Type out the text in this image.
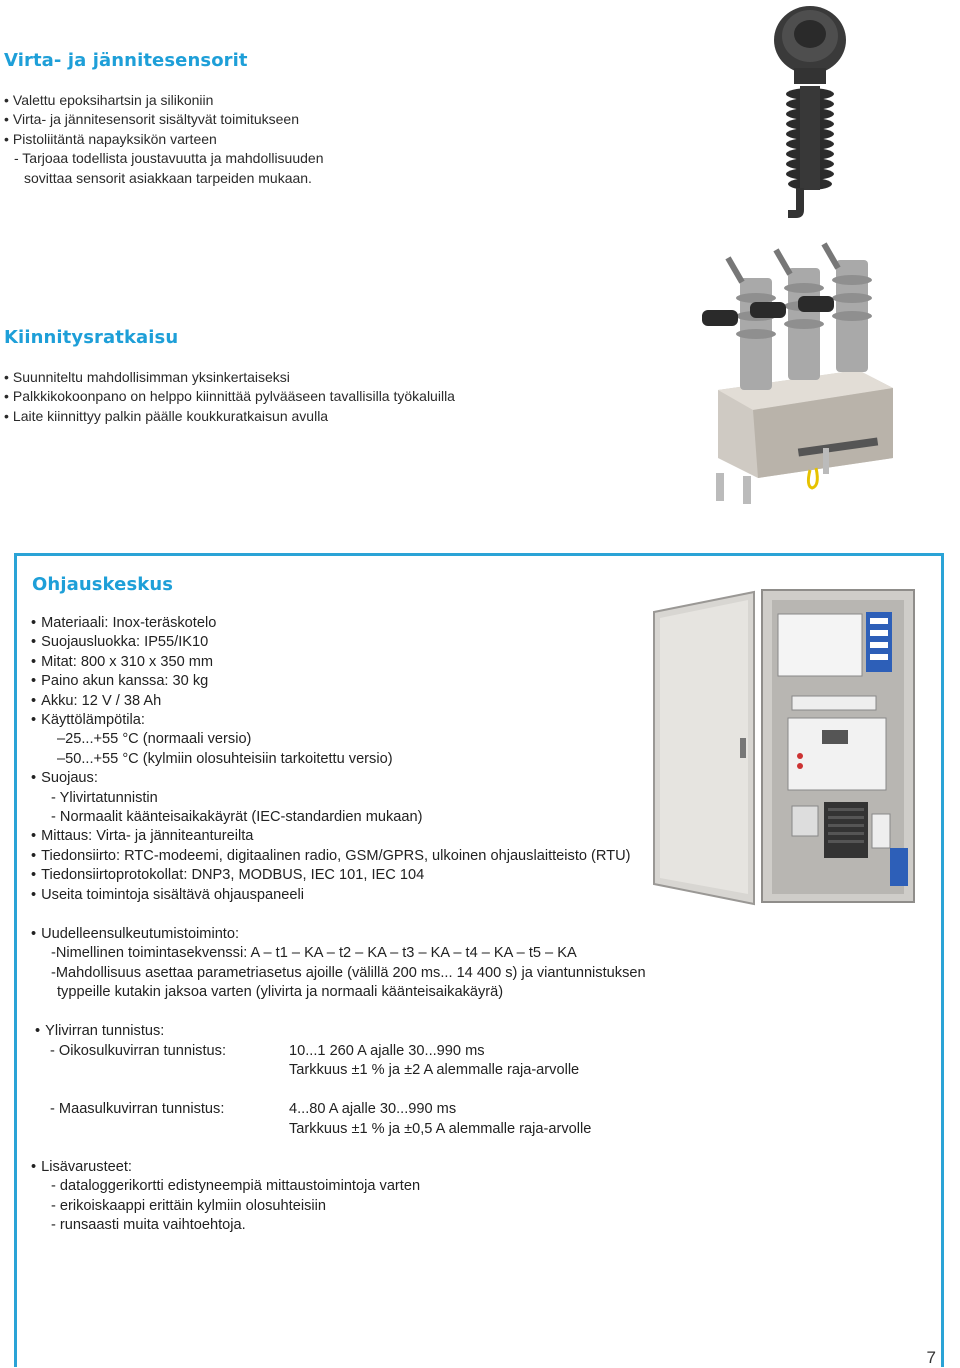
Virta- ja jännitesensorit
• Valettu epoksihartsin ja silikoniin
• Virta- ja jännitesensorit sisältyvät toimitukseen
• Pistoliitäntä napayksikön varteen
- Tarjoaa todellista joustavuutta ja mahdollisuuden
sovittaa sensorit asiakkaan tarpeiden mukaan.
Kiinnitysratkaisu
• Suunniteltu mahdollisimman yksinkertaiseksi
• Palkkikokoonpano on helppo kiinnittää pylvääseen tavallisilla työkaluilla
• Laite kiinnittyy palkin päälle koukkuratkaisun avulla
Ohjauskeskus
• Materiaali: Inox-teräskotelo
• Suojausluokka: IP55/IK10
• Mitat: 800 x 310 x 350 mm
• Paino akun kanssa: 30 kg
• Akku: 12 V / 38 Ah
• Käyttölämpötila:
–25...+55 °C (normaali versio)
–50...+55 °C (kylmiin olosuhteisiin tarkoitettu versio)
• Suojaus:
- Ylivirtatunnistin
- Normaalit käänteisaikakäyrät (IEC-standardien mukaan)
• Mittaus: Virta- ja jänniteantureilta
• Tiedonsiirto: RTC-modeemi, digitaalinen radio, GSM/GPRS, ulkoinen ohjauslaitteisto (RTU)
• Tiedonsiirtoprotokollat: DNP3, MODBUS, IEC 101, IEC 104
• Useita toimintoja sisältävä ohjauspaneeli
• Uudelleensulkeutumistoiminto:
-Nimellinen toimintasekvenssi: A – t1 – KA – t2 – KA – t3 – KA – t4 – KA – t5 – KA
-Mahdollisuus asettaa parametriasetus ajoille (välillä 200 ms... 14 400 s) ja viantunnistuksen
typpeille kutakin jaksoa varten (ylivirta ja normaali käänteisaikakäyrä)
• Ylivirran tunnistus:
- Oikosulkuvirran tunnistus:	10...1 260 A ajalle 30...990 ms
Tarkkuus ±1 % ja ±2 A alemmalle raja-arvolle
- Maasulkuvirran tunnistus:	4...80 A ajalle 30...990 ms
Tarkkuus ±1 % ja ±0,5 A alemmalle raja-arvolle
• Lisävarusteet:
- dataloggerikortti edistyneempiä mittaustoimintoja varten
- erikoiskaappi erittäin kylmiin olosuhteisiin
- runsaasti muita vaihtoehtoja.
7
